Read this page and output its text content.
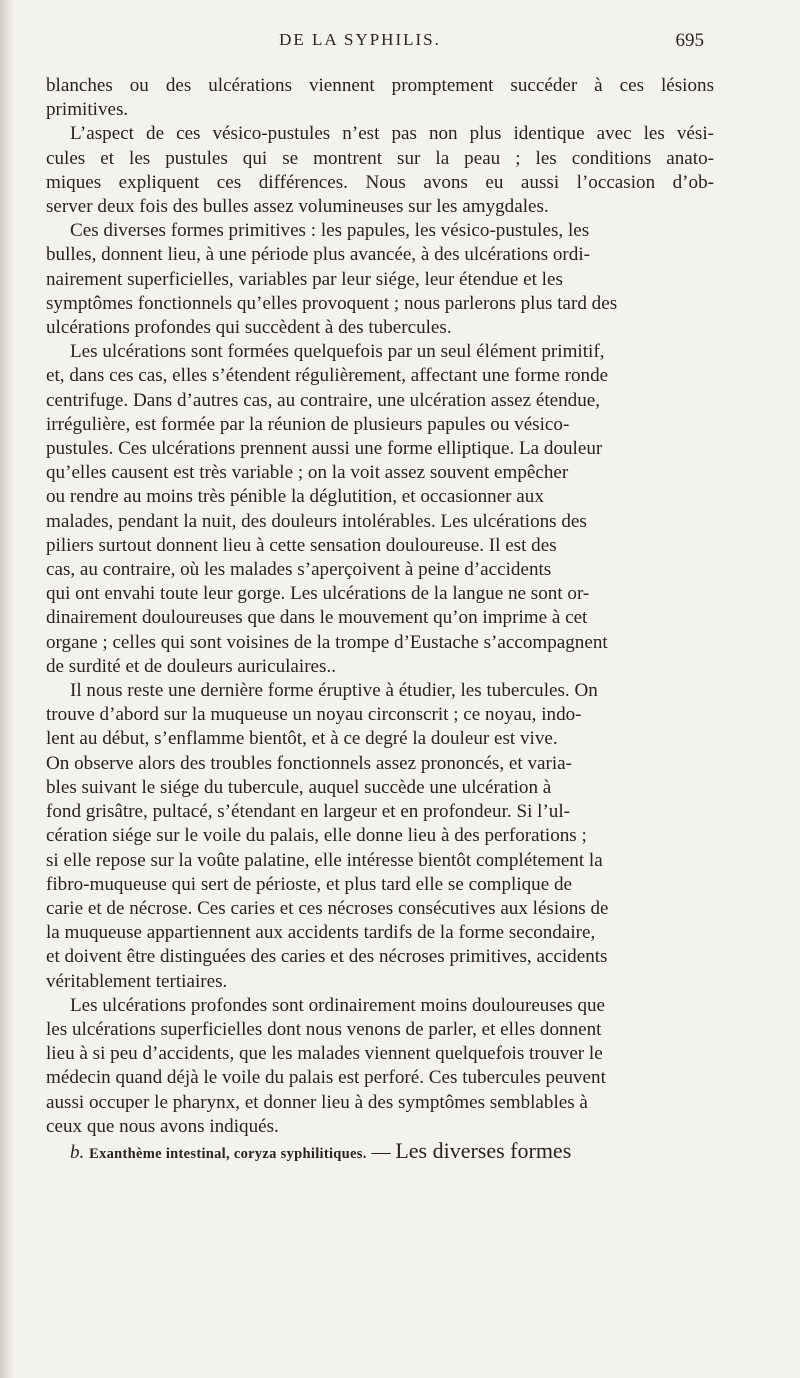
DE LA SYPHILIS.	695

blanches ou des ulcérations viennent promptement succéder à ces lésions
primitives.
L’aspect de ces vésico-pustules n’est pas non plus identique avec les vési-
cules et les pustules qui se montrent sur la peau ; les conditions anato-
miques expliquent ces différences. Nous avons eu aussi l’occasion d’ob-
server deux fois des bulles assez volumineuses sur les amygdales.
Ces diverses formes primitives : les papules, les vésico-pustules, les
bulles, donnent lieu, à une période plus avancée, à des ulcérations ordi-
nairement superficielles, variables par leur siége, leur étendue et les
symptômes fonctionnels qu’elles provoquent ; nous parlerons plus tard des
ulcérations profondes qui succèdent à des tubercules.
Les ulcérations sont formées quelquefois par un seul élément primitif,
et, dans ces cas, elles s’étendent régulièrement, affectant une forme ronde
centrifuge. Dans d’autres cas, au contraire, une ulcération assez étendue,
irrégulière, est formée par la réunion de plusieurs papules ou vésico-
pustules. Ces ulcérations prennent aussi une forme elliptique. La douleur
qu’elles causent est très variable ; on la voit assez souvent empêcher
ou rendre au moins très pénible la déglutition, et occasionner aux
malades, pendant la nuit, des douleurs intolérables. Les ulcérations des
piliers surtout donnent lieu à cette sensation douloureuse. Il est des
cas, au contraire, où les malades s’aperçoivent à peine d’accidents
qui ont envahi toute leur gorge. Les ulcérations de la langue ne sont or-
dinairement douloureuses que dans le mouvement qu’on imprime à cet
organe ; celles qui sont voisines de la trompe d’Eustache s’accompagnent
de surdité et de douleurs auriculaires..
Il nous reste une dernière forme éruptive à étudier, les tubercules. On
trouve d’abord sur la muqueuse un noyau circonscrit ; ce noyau, indo-
lent au début, s’enflamme bientôt, et à ce degré la douleur est vive.
On observe alors des troubles fonctionnels assez prononcés, et varia-
bles suivant le siége du tubercule, auquel succède une ulcération à
fond grisâtre, pultacé, s’étendant en largeur et en profondeur. Si l’ul-
cération siége sur le voile du palais, elle donne lieu à des perforations ;
si elle repose sur la voûte palatine, elle intéresse bientôt complétement la
fibro-muqueuse qui sert de périoste, et plus tard elle se complique de
carie et de nécrose. Ces caries et ces nécroses consécutives aux lésions de
la muqueuse appartiennent aux accidents tardifs de la forme secondaire,
et doivent être distinguées des caries et des nécroses primitives, accidents
véritablement tertiaires.
Les ulcérations profondes sont ordinairement moins douloureuses que
les ulcérations superficielles dont nous venons de parler, et elles donnent
lieu à si peu d’accidents, que les malades viennent quelquefois trouver le
médecin quand déjà le voile du palais est perforé. Ces tubercules peuvent
aussi occuper le pharynx, et donner lieu à des symptômes semblables à
ceux que nous avons indiqués.
b. Exanthème intestinal, coryza syphilitiques. — Les diverses formes
